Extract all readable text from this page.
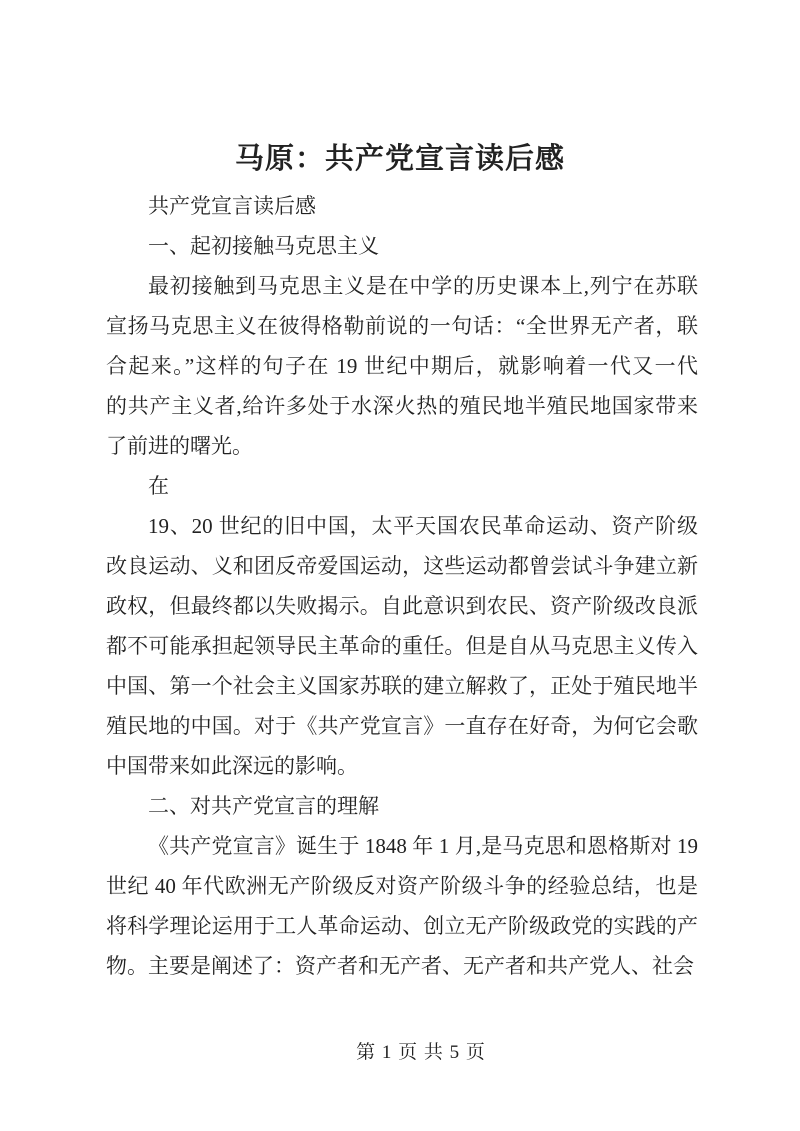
马原：共产党宣言读后感
共产党宣言读后感
一、起初接触马克思主义
最初接触到马克思主义是在中学的历史课本上,列宁在苏联
宣扬马克思主义在彼得格勒前说的一句话：“全世界无产者，联
合起来。”这样的句子在 19 世纪中期后，就影响着一代又一代
的共产主义者,给许多处于水深火热的殖民地半殖民地国家带来
了前进的曙光。
在
19、20 世纪的旧中国，太平天国农民革命运动、资产阶级
改良运动、义和团反帝爱国运动，这些运动都曾尝试斗争建立新
政权，但最终都以失败揭示。自此意识到农民、资产阶级改良派
都不可能承担起领导民主革命的重任。但是自从马克思主义传入
中国、第一个社会主义国家苏联的建立解救了，正处于殖民地半
殖民地的中国。对于《共产党宣言》一直存在好奇，为何它会歌
中国带来如此深远的影响。
二、对共产党宣言的理解
《共产党宣言》诞生于 1848 年 1 月,是马克思和恩格斯对 19
世纪 40 年代欧洲无产阶级反对资产阶级斗争的经验总结，也是
将科学理论运用于工人革命运动、创立无产阶级政党的实践的产
物。主要是阐述了：资产者和无产者、无产者和共产党人、社会
第 1 页 共 5 页
